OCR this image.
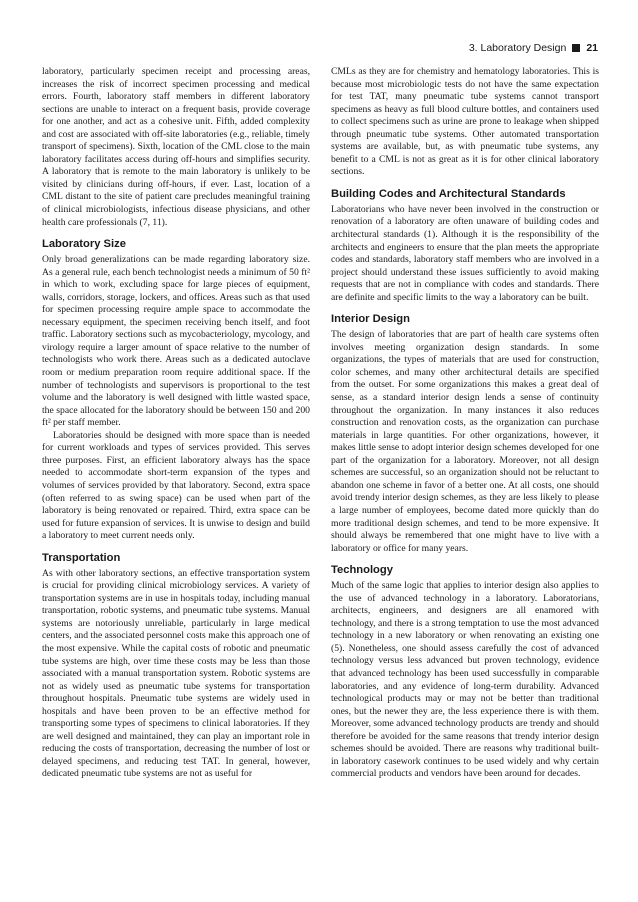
3. Laboratory Design 21

laboratory, particularly specimen receipt and processing areas, increases the risk of incorrect specimen processing and medical errors. Fourth, laboratory staff members in different laboratory sections are unable to interact on a frequent basis, provide coverage for one another, and act as a cohesive unit. Fifth, added complexity and cost are associated with off-site laboratories (e.g., reliable, timely transport of specimens). Sixth, location of the CML close to the main laboratory facilitates access during off-hours and simplifies security. A laboratory that is remote to the main laboratory is unlikely to be visited by clinicians during off-hours, if ever. Last, location of a CML distant to the site of patient care precludes meaningful training of clinical microbiologists, infectious disease physicians, and other health care professionals (7, 11).

Laboratory Size

Only broad generalizations can be made regarding laboratory size. As a general rule, each bench technologist needs a minimum of 50 ft² in which to work, excluding space for large pieces of equipment, walls, corridors, storage, lockers, and offices. Areas such as that used for specimen processing require ample space to accommodate the necessary equipment, the specimen receiving bench itself, and foot traffic. Laboratory sections such as mycobacteriology, mycology, and virology require a larger amount of space relative to the number of technologists who work there. Areas such as a dedicated autoclave room or medium preparation room require additional space. If the number of technologists and supervisors is proportional to the test volume and the laboratory is well designed with little wasted space, the space allocated for the laboratory should be between 150 and 200 ft² per staff member.

Laboratories should be designed with more space than is needed for current workloads and types of services provided. This serves three purposes. First, an efficient laboratory always has the space needed to accommodate short-term expansion of the types and volumes of services provided by that laboratory. Second, extra space (often referred to as swing space) can be used when part of the laboratory is being renovated or repaired. Third, extra space can be used for future expansion of services. It is unwise to design and build a laboratory to meet current needs only.

Transportation

As with other laboratory sections, an effective transportation system is crucial for providing clinical microbiology services. A variety of transportation systems are in use in hospitals today, including manual transportation, robotic systems, and pneumatic tube systems. Manual systems are notoriously unreliable, particularly in large medical centers, and the associated personnel costs make this approach one of the most expensive. While the capital costs of robotic and pneumatic tube systems are high, over time these costs may be less than those associated with a manual transportation system. Robotic systems are not as widely used as pneumatic tube systems for transportation throughout hospitals. Pneumatic tube systems are widely used in hospitals and have been proven to be an effective method for transporting some types of specimens to clinical laboratories. If they are well designed and maintained, they can play an important role in reducing the costs of transportation, decreasing the number of lost or delayed specimens, and reducing test TAT. In general, however, dedicated pneumatic tube systems are not as useful for

CMLs as they are for chemistry and hematology laboratories. This is because most microbiologic tests do not have the same expectation for test TAT, many pneumatic tube systems cannot transport specimens as heavy as full blood culture bottles, and containers used to collect specimens such as urine are prone to leakage when shipped through pneumatic tube systems. Other automated transportation systems are available, but, as with pneumatic tube systems, any benefit to a CML is not as great as it is for other clinical laboratory sections.

Building Codes and Architectural Standards

Laboratorians who have never been involved in the construction or renovation of a laboratory are often unaware of building codes and architectural standards (1). Although it is the responsibility of the architects and engineers to ensure that the plan meets the appropriate codes and standards, laboratory staff members who are involved in a project should understand these issues sufficiently to avoid making requests that are not in compliance with codes and standards. There are definite and specific limits to the way a laboratory can be built.

Interior Design

The design of laboratories that are part of health care systems often involves meeting organization design standards. In some organizations, the types of materials that are used for construction, color schemes, and many other architectural details are specified from the outset. For some organizations this makes a great deal of sense, as a standard interior design lends a sense of continuity throughout the organization. In many instances it also reduces construction and renovation costs, as the organization can purchase materials in large quantities. For other organizations, however, it makes little sense to adopt interior design schemes developed for one part of the organization for a laboratory. Moreover, not all design schemes are successful, so an organization should not be reluctant to abandon one scheme in favor of a better one. At all costs, one should avoid trendy interior design schemes, as they are less likely to please a large number of employees, become dated more quickly than do more traditional design schemes, and tend to be more expensive. It should always be remembered that one might have to live with a laboratory or office for many years.

Technology

Much of the same logic that applies to interior design also applies to the use of advanced technology in a laboratory. Laboratorians, architects, engineers, and designers are all enamored with technology, and there is a strong temptation to use the most advanced technology in a new laboratory or when renovating an existing one (5). Nonetheless, one should assess carefully the cost of advanced technology versus less advanced but proven technology, evidence that advanced technology has been used successfully in comparable laboratories, and any evidence of long-term durability. Advanced technological products may or may not be better than traditional ones, but the newer they are, the less experience there is with them. Moreover, some advanced technology products are trendy and should therefore be avoided for the same reasons that trendy interior design schemes should be avoided. There are reasons why traditional built-in laboratory casework continues to be used widely and why certain commercial products and vendors have been around for decades.
